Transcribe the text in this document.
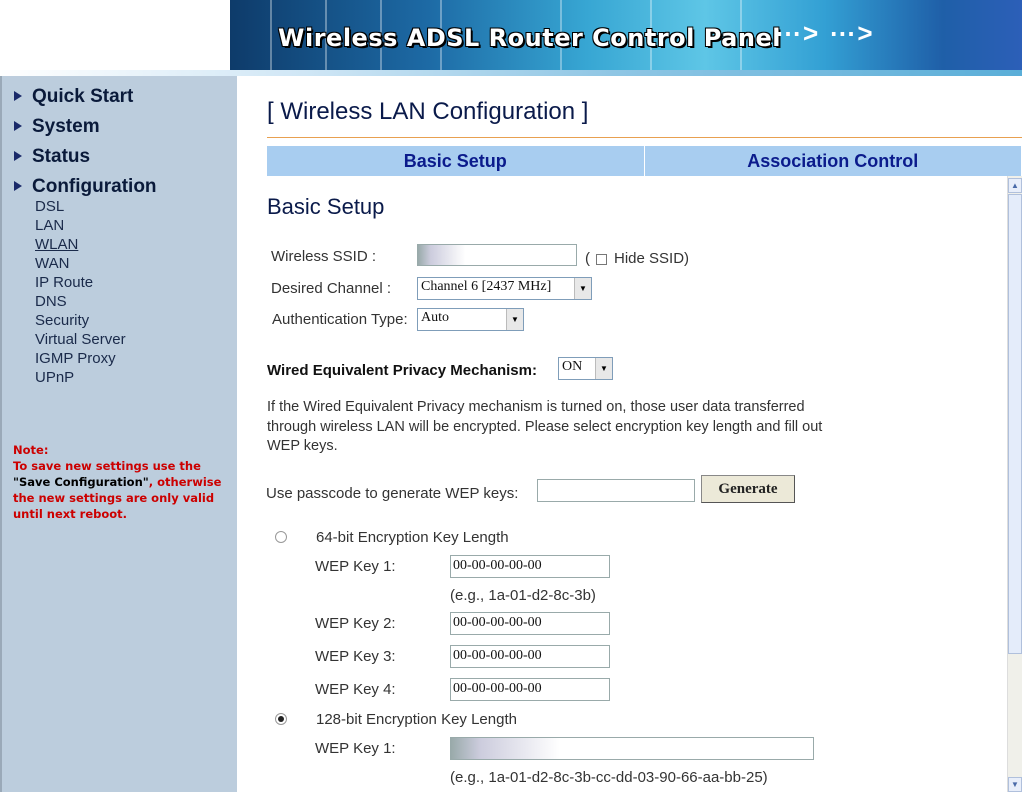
Wireless ADSL Router Control Panel
⋯> ⋯>
Quick Start
System
Status
Configuration
DSL
LAN
WLAN
WAN
IP Route
DNS
Security
Virtual Server
IGMP Proxy
UPnP
Note:
To save new settings use the "Save Configuration", otherwise the new settings are only valid until next reboot.
[ Wireless LAN Configuration ]
Basic Setup	Association Control
Basic Setup
Wireless SSID :	( Hide SSID)
Desired Channel : Channel 6 [2437 MHz]	▼
Authentication Type: Auto	▼
Wired Equivalent Privacy Mechanism: ON	▼
If the Wired Equivalent Privacy mechanism is turned on, those user data transferred through wireless LAN will be encrypted. Please select encryption key length and fill out WEP keys.
Use passcode to generate WEP keys:	Generate
64-bit Encryption Key Length
WEP Key 1:	00-00-00-00-00
(e.g., 1a-01-d2-8c-3b)
WEP Key 2:	00-00-00-00-00
WEP Key 3:	00-00-00-00-00
WEP Key 4:	00-00-00-00-00
128-bit Encryption Key Length
WEP Key 1:
(e.g., 1a-01-d2-8c-3b-cc-dd-03-90-66-aa-bb-25)
▲
▼
